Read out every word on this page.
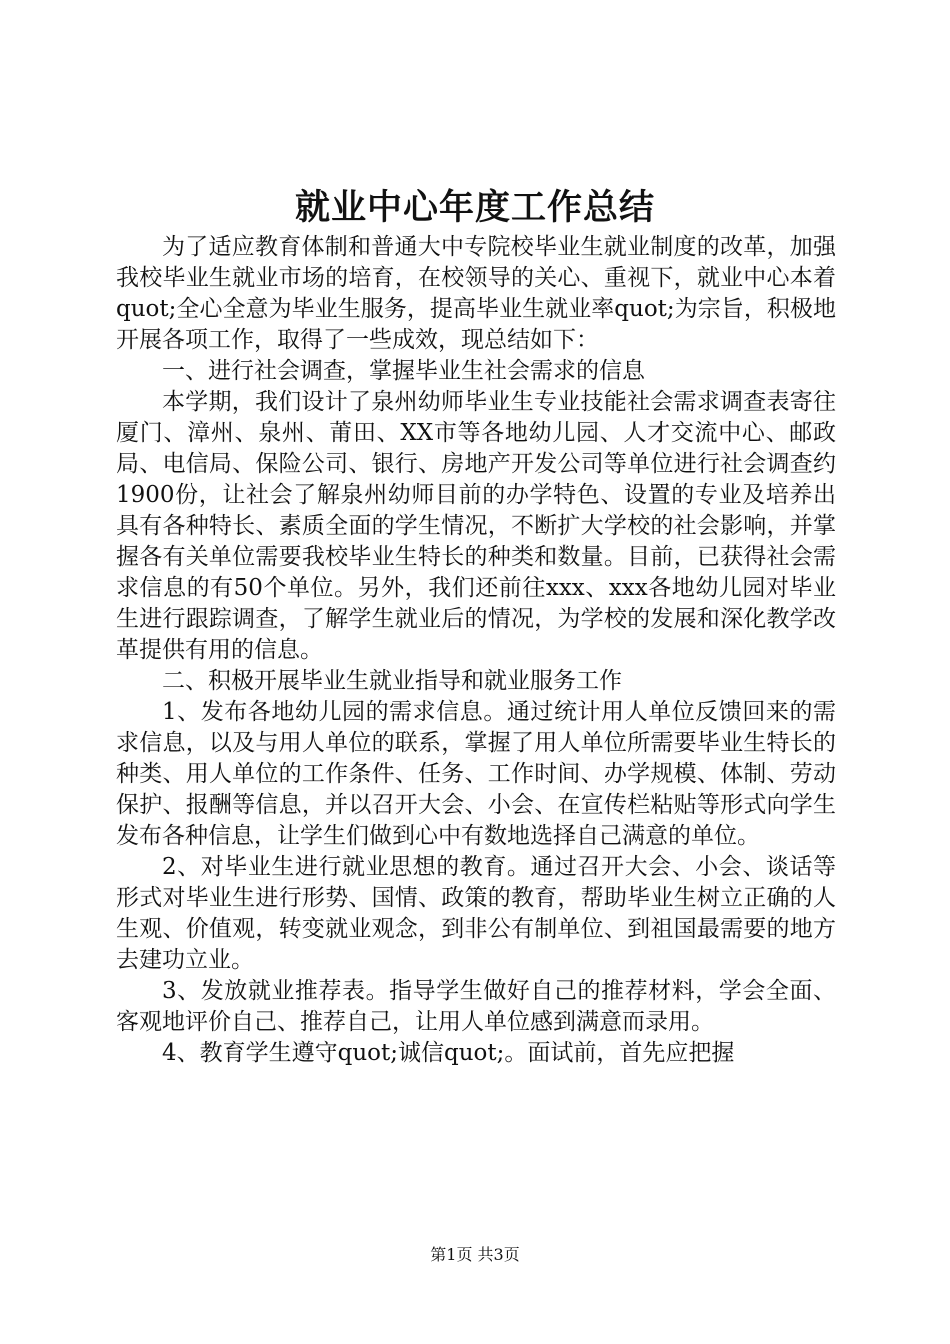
就业中心年度工作总结

为了适应教育体制和普通大中专院校毕业生就业制度的改革，加强我校毕业生就业市场的培育，在校领导的关心、重视下，就业中心本着quot;全心全意为毕业生服务，提高毕业生就业率quot;为宗旨，积极地开展各项工作，取得了一些成效，现总结如下：

一、进行社会调查，掌握毕业生社会需求的信息

本学期，我们设计了泉州幼师毕业生专业技能社会需求调查表寄往厦门、漳州、泉州、莆田、XX市等各地幼儿园、人才交流中心、邮政局、电信局、保险公司、银行、房地产开发公司等单位进行社会调查约1900份，让社会了解泉州幼师目前的办学特色、设置的专业及培养出具有各种特长、素质全面的学生情况，不断扩大学校的社会影响，并掌握各有关单位需要我校毕业生特长的种类和数量。目前，已获得社会需求信息的有50个单位。另外，我们还前往xxx、xxx各地幼儿园对毕业生进行跟踪调查，了解学生就业后的情况，为学校的发展和深化教学改革提供有用的信息。

二、积极开展毕业生就业指导和就业服务工作

1、发布各地幼儿园的需求信息。通过统计用人单位反馈回来的需求信息，以及与用人单位的联系，掌握了用人单位所需要毕业生特长的种类、用人单位的工作条件、任务、工作时间、办学规模、体制、劳动保护、报酬等信息，并以召开大会、小会、在宣传栏粘贴等形式向学生发布各种信息，让学生们做到心中有数地选择自己满意的单位。

2、对毕业生进行就业思想的教育。通过召开大会、小会、谈话等形式对毕业生进行形势、国情、政策的教育，帮助毕业生树立正确的人生观、价值观，转变就业观念，到非公有制单位、到祖国最需要的地方去建功立业。

3、发放就业推荐表。指导学生做好自己的推荐材料，学会全面、客观地评价自己、推荐自己，让用人单位感到满意而录用。

4、教育学生遵守quot;诚信quot;。面试前，首先应把握

第1页 共3页
